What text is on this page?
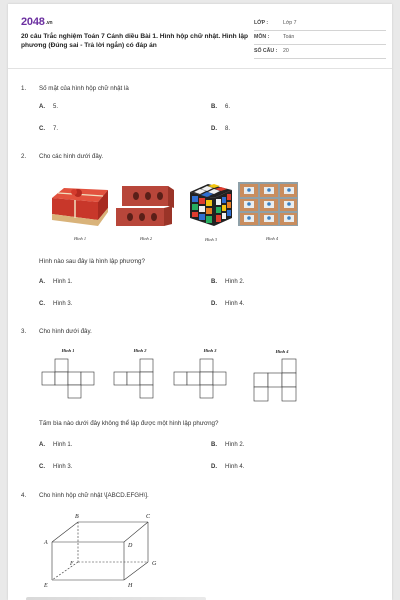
2048.vn
20 câu Trắc nghiệm Toán 7 Cánh diều Bài 1. Hình hộp chữ nhật. Hình lập phương (Đúng sai - Trả lời ngắn) có đáp án
LỚP :	Lớp 7
MÔN :	Toán
SỐ CÂU :	20
1.	Số mặt của hình hộp chữ nhật là
A. 5.	B. 6.
C. 7.	D. 8.
2.	Cho các hình dưới đây.
Hình 1	Hình 2	Hình 3	Hình 4
Hình nào sau đây là hình lập phương?
A. Hình 1.	B. Hình 2.
C. Hình 3.	D. Hình 4.
3.	Cho hình dưới đây.
Hình 1	Hình 2	Hình 3	Hình 4
Tấm bìa nào dưới đây không thể lập được một hình lập phương?
A. Hình 1.	B. Hình 2.
C. Hình 3.	D. Hình 4.
4.	Cho hình hộp chữ nhật \[ABCD.EFGH\].
A
B	C
D
E
F	G
H
